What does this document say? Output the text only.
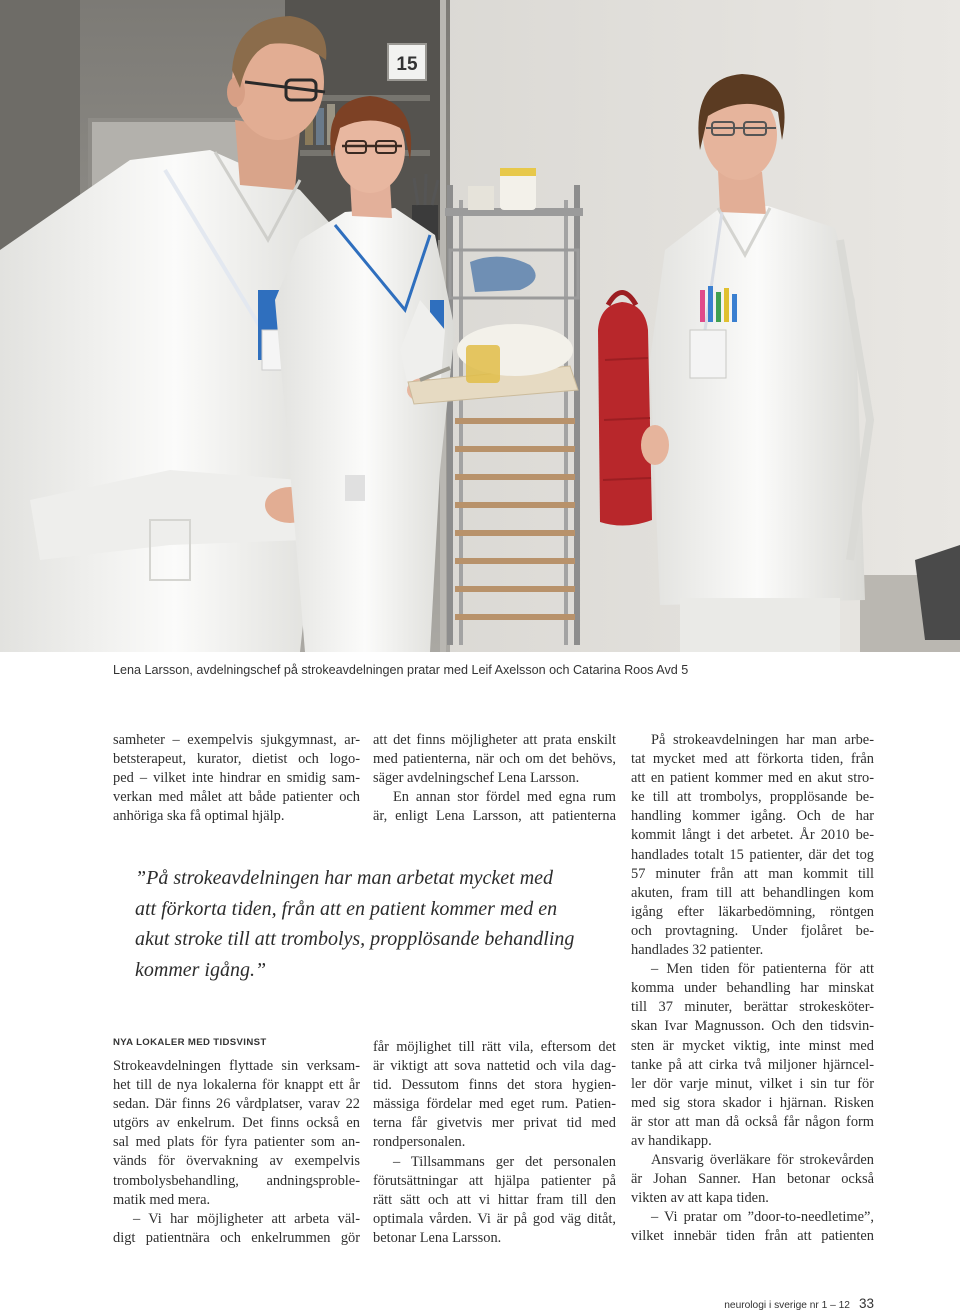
15
Lena Larsson, avdelningschef på strokeavdelningen pratar med Leif Axelsson och Catarina Roos Avd 5
samheter – exempelvis sjukgymnast, ar-
betsterapeut, kurator, dietist och logo-
ped – vilket inte hindrar en smidig sam-
verkan med målet att både patienter och
anhöriga ska få optimal hjälp.
att det finns möjligheter att prata enskilt
med patienterna, när och om det behövs,
säger avdelningschef Lena Larsson.
En annan stor fördel med egna rum
är, enligt Lena Larsson, att patienterna
På strokeavdelningen har man arbe-
tat mycket med att förkorta tiden, från
att en patient kommer med en akut stro-
ke till att trombolys, propplösande be-
handling kommer igång. Och de har
kommit långt i det arbetet. År 2010 be-
handlades totalt 15 patienter, där det tog
57 minuter från att man kommit till
akuten, fram till att behandlingen kom
igång efter läkarbedömning, röntgen
och provtagning. Under fjolåret be-
handlades 32 patienter.
– Men tiden för patienterna för att
komma under behandling har minskat
till 37 minuter, berättar strokesköter-
skan Ivar Magnusson. Och den tidsvin-
sten är mycket viktig, inte minst med
tanke på att cirka två miljoner hjärncel-
ler dör varje minut, vilket i sin tur för
med sig stora skador i hjärnan. Risken
är stor att man då också får någon form
av handikapp.
Ansvarig överläkare för strokevården
är Johan Sanner. Han betonar också
vikten av att kapa tiden.
– Vi pratar om ”door-to-needletime”,
vilket innebär tiden från att patienten
”På strokeavdelningen har man arbetat mycket med
att förkorta tiden, från att en patient kommer med en
akut stroke till att trombolys, propplösande behandling
kommer igång.”
NYA LOKALER MED TIDSVINST
Strokeavdelningen flyttade sin verksam-
het till de nya lokalerna för knappt ett år
sedan. Där finns 26 vårdplatser, varav 22
utgörs av enkelrum. Det finns också en
sal med plats för fyra patienter som an-
vänds för övervakning av exempelvis
trombolysbehandling, andningsproble-
matik med mera.
– Vi har möjligheter att arbeta väl-
digt patientnära och enkelrummen gör
får möjlighet till rätt vila, eftersom det
är viktigt att sova nattetid och vila dag-
tid. Dessutom finns det stora hygien-
mässiga fördelar med eget rum. Patien-
terna får givetvis mer privat tid med
rondpersonalen.
– Tillsammans ger det personalen
förutsättningar att hjälpa patienter på
rätt sätt och att vi hittar fram till den
optimala vården. Vi är på god väg ditåt,
betonar Lena Larsson.
neurologi i sverige nr 1 – 12 33
